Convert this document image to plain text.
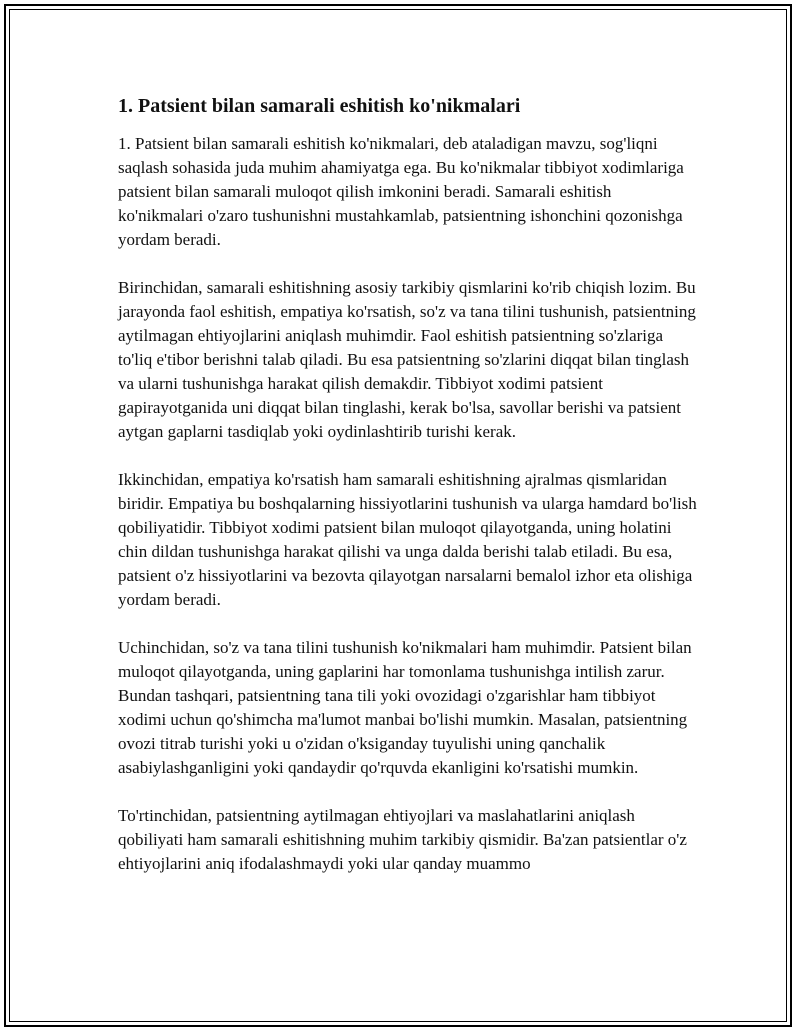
1. Patsient bilan samarali eshitish ko'nikmalari

1. Patsient bilan samarali eshitish ko'nikmalari, deb ataladigan mavzu, sog'liqni saqlash sohasida juda muhim ahamiyatga ega. Bu ko'nikmalar tibbiyot xodimlariga patsient bilan samarali muloqot qilish imkonini beradi. Samarali eshitish ko'nikmalari o'zaro tushunishni mustahkamlab, patsientning ishonchini qozonishga yordam beradi.

Birinchidan, samarali eshitishning asosiy tarkibiy qismlarini ko'rib chiqish lozim. Bu jarayonda faol eshitish, empatiya ko'rsatish, so'z va tana tilini tushunish, patsientning aytilmagan ehtiyojlarini aniqlash muhimdir. Faol eshitish patsientning so'zlariga to'liq e'tibor berishni talab qiladi. Bu esa patsientning so'zlarini diqqat bilan tinglash va ularni tushunishga harakat qilish demakdir. Tibbiyot xodimi patsient gapirayotganida uni diqqat bilan tinglashi, kerak bo'lsa, savollar berishi va patsient aytgan gaplarni tasdiqlab yoki oydinlashtirib turishi kerak.

Ikkinchidan, empatiya ko'rsatish ham samarali eshitishning ajralmas qismlaridan biridir. Empatiya bu boshqalarning hissiyotlarini tushunish va ularga hamdard bo'lish qobiliyatidir. Tibbiyot xodimi patsient bilan muloqot qilayotganda, uning holatini chin dildan tushunishga harakat qilishi va unga dalda berishi talab etiladi. Bu esa, patsient o'z hissiyotlarini va bezovta qilayotgan narsalarni bemalol izhor eta olishiga yordam beradi.

Uchinchidan, so'z va tana tilini tushunish ko'nikmalari ham muhimdir. Patsient bilan muloqot qilayotganda, uning gaplarini har tomonlama tushunishga intilish zarur. Bundan tashqari, patsientning tana tili yoki ovozidagi o'zgarishlar ham tibbiyot xodimi uchun qo'shimcha ma'lumot manbai bo'lishi mumkin. Masalan, patsientning ovozi titrab turishi yoki u o'zidan o'ksiganday tuyulishi uning qanchalik asabiylashganligini yoki qandaydir qo'rquvda ekanligini ko'rsatishi mumkin.

To'rtinchidan, patsientning aytilmagan ehtiyojlari va maslahatlarini aniqlash qobiliyati ham samarali eshitishning muhim tarkibiy qismidir. Ba'zan patsientlar o'z ehtiyojlarini aniq ifodalashmaydi yoki ular qanday muammo
